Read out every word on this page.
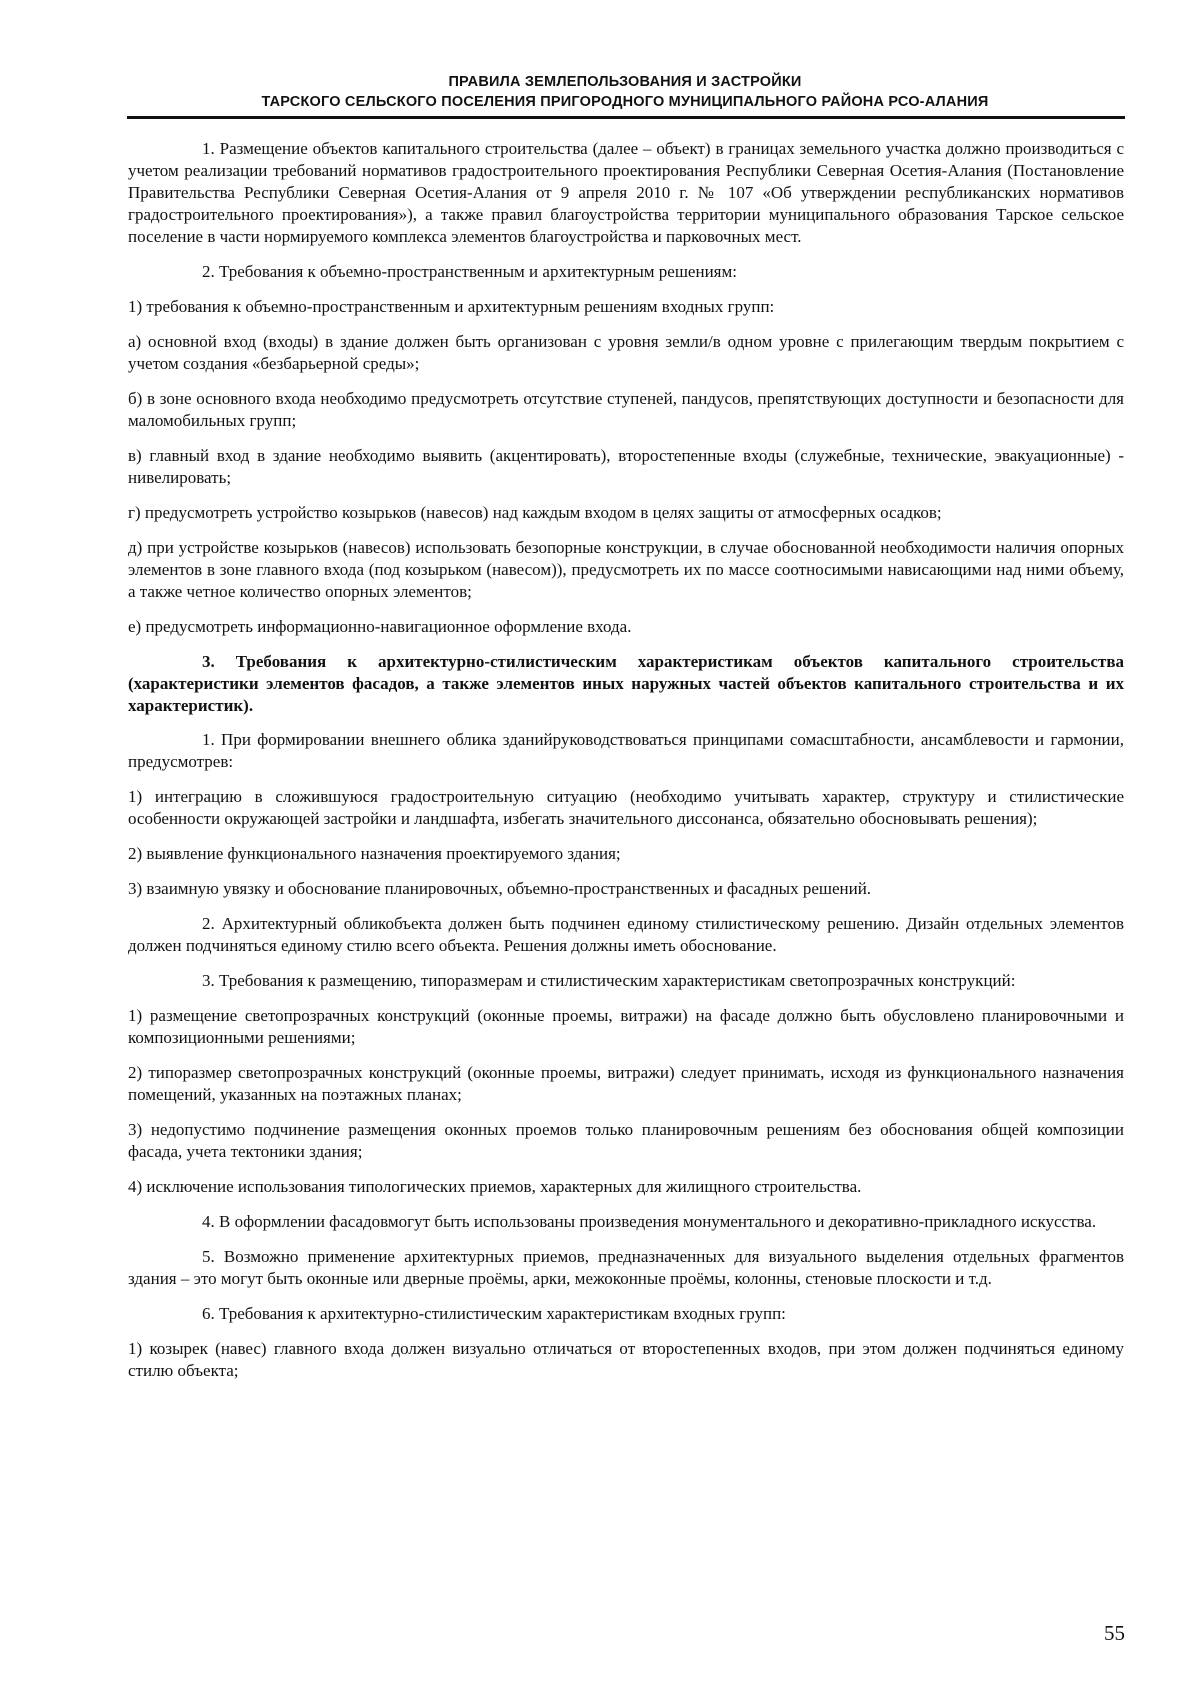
ПРАВИЛА ЗЕМЛЕПОЛЬЗОВАНИЯ И ЗАСТРОЙКИ
ТАРСКОГО СЕЛЬСКОГО ПОСЕЛЕНИЯ ПРИГОРОДНОГО МУНИЦИПАЛЬНОГО РАЙОНА РСО-АЛАНИЯ

1. Размещение объектов капитального строительства (далее – объект) в границах земельного участка должно производиться с учетом реализации требований нормативов градостроительного проектирования Республики Северная Осетия-Алания (Постановление Правительства Республики Северная Осетия-Алания от 9 апреля 2010 г. № 107 «Об утверждении республиканских нормативов градостроительного проектирования»), а также правил благоустройства территории муниципального образования Тарское сельское поселение в части нормируемого комплекса элементов благоустройства и парковочных мест.

2. Требования к объемно-пространственным и архитектурным решениям:

1) требования к объемно-пространственным и архитектурным решениям входных групп:

а) основной вход (входы) в здание должен быть организован с уровня земли/в одном уровне с прилегающим твердым покрытием с учетом создания «безбарьерной среды»;

б) в зоне основного входа необходимо предусмотреть отсутствие ступеней, пандусов, препятствующих доступности и безопасности для маломобильных групп;

в) главный вход в здание необходимо выявить (акцентировать), второстепенные входы (служебные, технические, эвакуационные) - нивелировать;

г) предусмотреть устройство козырьков (навесов) над каждым входом в целях защиты от атмосферных осадков;

д) при устройстве козырьков (навесов) использовать безопорные конструкции, в случае обоснованной необходимости наличия опорных элементов в зоне главного входа (под козырьком (навесом)), предусмотреть их по массе соотносимыми нависающими над ними объему, а также четное количество опорных элементов;

е) предусмотреть информационно-навигационное оформление входа.

3. Требования к архитектурно-стилистическим характеристикам объектов капитального строительства (характеристики элементов фасадов, а также элементов иных наружных частей объектов капитального строительства и их характеристик).

1. При формировании внешнего облика зданийруководствоваться принципами сомасштабности, ансамблевости и гармонии, предусмотрев:

1) интеграцию в сложившуюся градостроительную ситуацию (необходимо учитывать характер, структуру и стилистические особенности окружающей застройки и ландшафта, избегать значительного диссонанса, обязательно обосновывать решения);

2) выявление функционального назначения проектируемого здания;

3) взаимную увязку и обоснование планировочных, объемно-пространственных и фасадных решений.

2. Архитектурный обликобъекта должен быть подчинен единому стилистическому решению. Дизайн отдельных элементов должен подчиняться единому стилю всего объекта. Решения должны иметь обоснование.

3. Требования к размещению, типоразмерам и стилистическим характеристикам светопрозрачных конструкций:

1) размещение светопрозрачных конструкций (оконные проемы, витражи) на фасаде должно быть обусловлено планировочными и композиционными решениями;

2) типоразмер светопрозрачных конструкций (оконные проемы, витражи) следует принимать, исходя из функционального назначения помещений, указанных на поэтажных планах;

3) недопустимо подчинение размещения оконных проемов только планировочным решениям без обоснования общей композиции фасада, учета тектоники здания;

4) исключение использования типологических приемов, характерных для жилищного строительства.

4. В оформлении фасадовмогут быть использованы произведения монументального и декоративно-прикладного искусства.

5. Возможно применение архитектурных приемов, предназначенных для визуального выделения отдельных фрагментов здания – это могут быть оконные или дверные проёмы, арки, межоконные проёмы, колонны, стеновые плоскости и т.д.

6. Требования к архитектурно-стилистическим характеристикам входных групп:

1) козырек (навес) главного входа должен визуально отличаться от второстепенных входов, при этом должен подчиняться единому стилю объекта;

55
